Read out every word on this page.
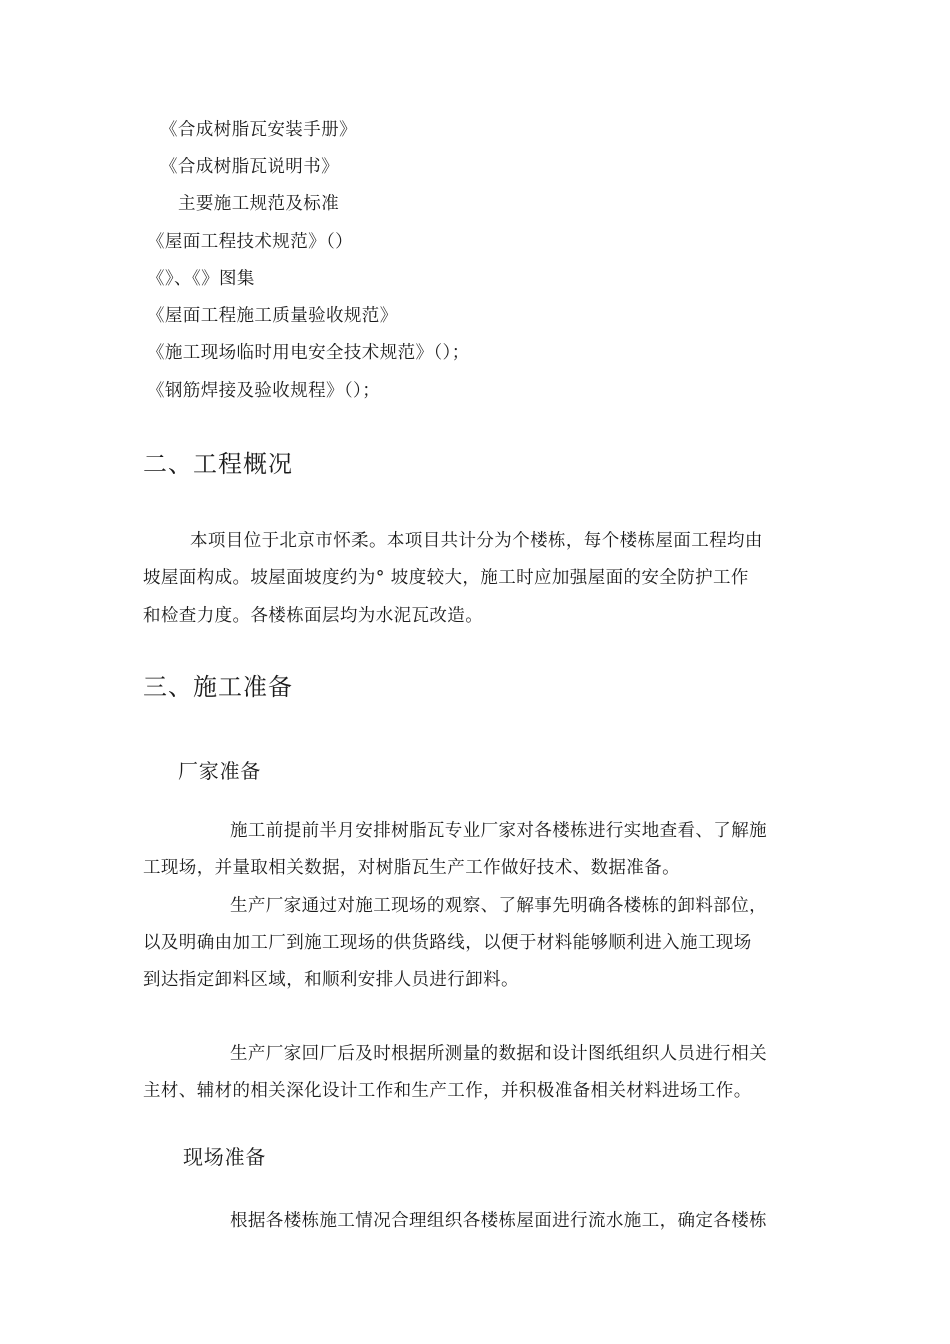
《合成树脂瓦安装手册》
《合成树脂瓦说明书》
主要施工规范及标准
《屋面工程技术规范》（）
《》、《》图集
《屋面工程施工质量验收规范》
《施工现场临时用电安全技术规范》（）；
《钢筋焊接及验收规程》（）；
二、工程概况
本项目位于北京市怀柔。本项目共计分为个楼栋，每个楼栋屋面工程均由
坡屋面构成。坡屋面坡度约为° 坡度较大，施工时应加强屋面的安全防护工作
和检查力度。各楼栋面层均为水泥瓦改造。
三、施工准备
厂家准备
施工前提前半月安排树脂瓦专业厂家对各楼栋进行实地查看、了解施
工现场，并量取相关数据，对树脂瓦生产工作做好技术、数据准备。
生产厂家通过对施工现场的观察、了解事先明确各楼栋的卸料部位，
以及明确由加工厂到施工现场的供货路线，以便于材料能够顺利进入施工现场
到达指定卸料区域，和顺利安排人员进行卸料。
生产厂家回厂后及时根据所测量的数据和设计图纸组织人员进行相关
主材、辅材的相关深化设计工作和生产工作，并积极准备相关材料进场工作。
现场准备
根据各楼栋施工情况合理组织各楼栋屋面进行流水施工，确定各楼栋
